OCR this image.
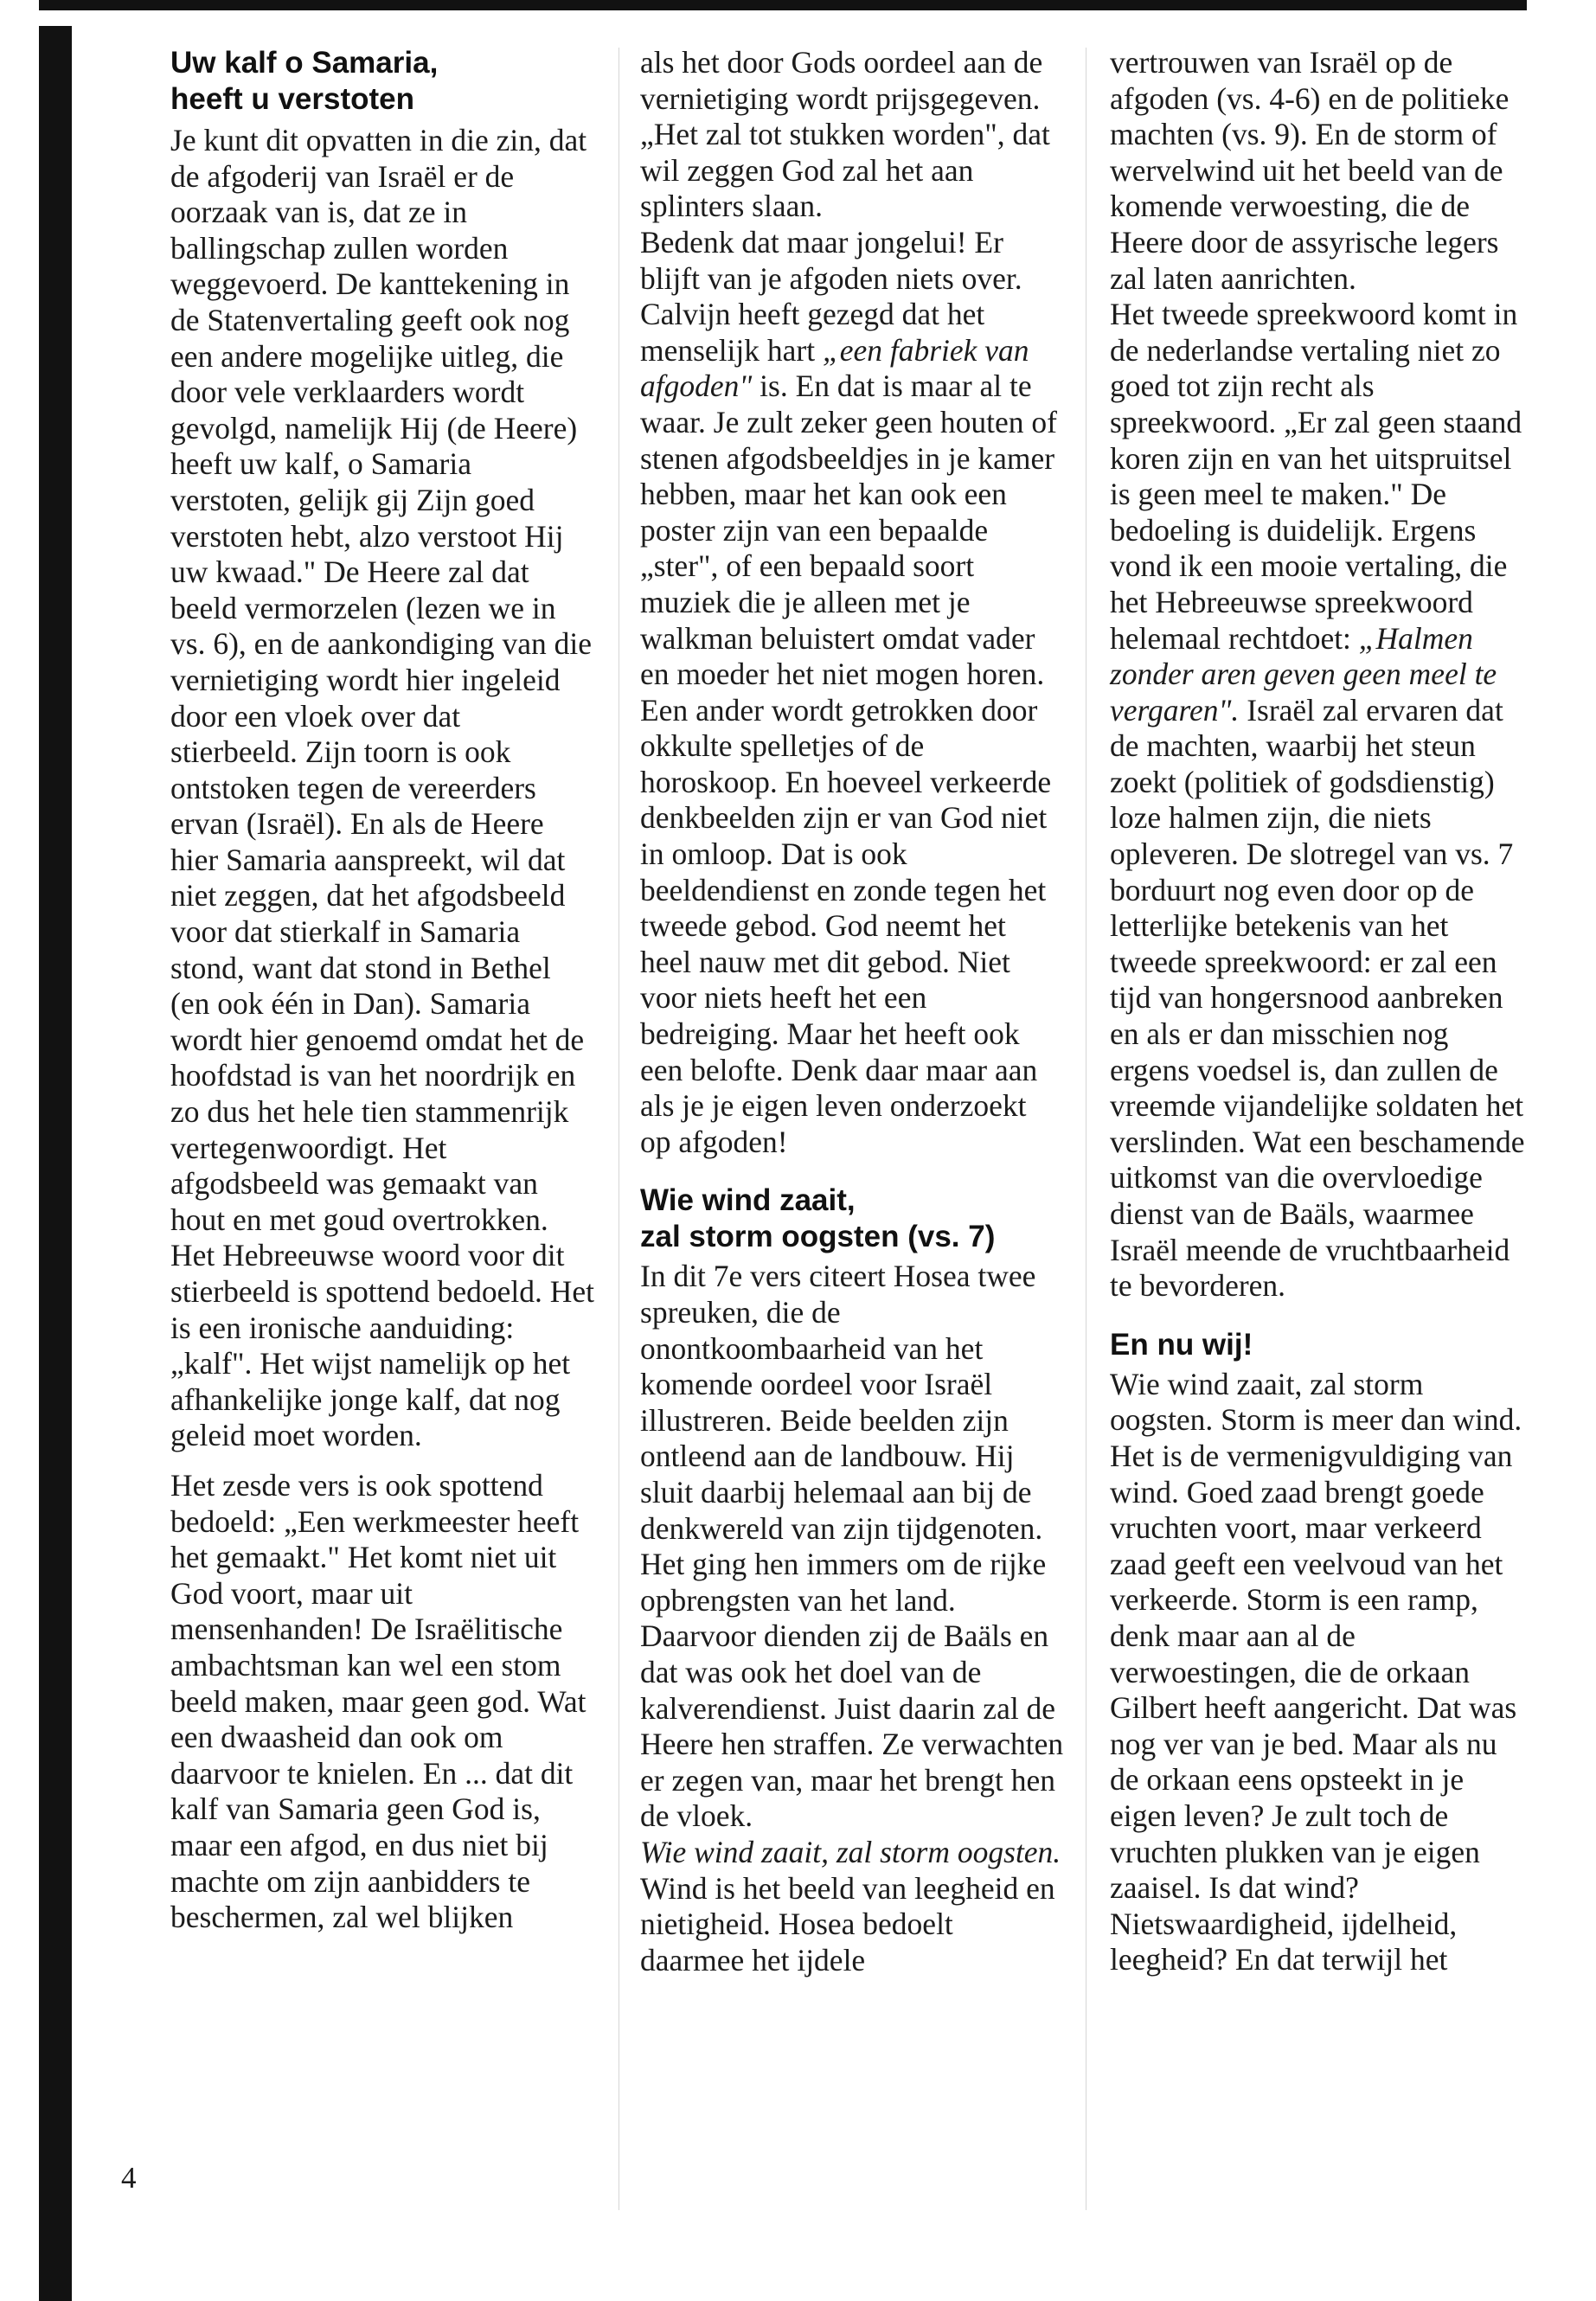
Uw kalf o Samaria,
heeft u verstoten

Je kunt dit opvatten in die zin, dat de afgoderij van Israël er de oorzaak van is, dat ze in ballingschap zullen worden weggevoerd. De kanttekening in de Statenvertaling geeft ook nog een andere mogelijke uitleg, die door vele verklaarders wordt gevolgd, namelijk Hij (de Heere) heeft uw kalf, o Samaria verstoten, gelijk gij Zijn goed verstoten hebt, alzo verstoot Hij uw kwaad." De Heere zal dat beeld vermorzelen (lezen we in vs. 6), en de aankondiging van die vernietiging wordt hier ingeleid door een vloek over dat stierbeeld. Zijn toorn is ook ontstoken tegen de vereerders ervan (Israël). En als de Heere hier Samaria aanspreekt, wil dat niet zeggen, dat het afgodsbeeld voor dat stierkalf in Samaria stond, want dat stond in Bethel (en ook één in Dan). Samaria wordt hier genoemd omdat het de hoofdstad is van het noordrijk en zo dus het hele tien stammenrijk vertegenwoordigt. Het afgodsbeeld was gemaakt van hout en met goud overtrokken. Het Hebreeuwse woord voor dit stierbeeld is spottend bedoeld. Het is een ironische aanduiding: „kalf". Het wijst namelijk op het afhankelijke jonge kalf, dat nog geleid moet worden.

Het zesde vers is ook spottend bedoeld: „Een werkmeester heeft het gemaakt." Het komt niet uit God voort, maar uit mensenhanden! De Israëlitische ambachtsman kan wel een stom beeld maken, maar geen god. Wat een dwaasheid dan ook om daarvoor te knielen. En ... dat dit kalf van Samaria geen God is, maar een afgod, en dus niet bij machte om zijn aanbidders te beschermen, zal wel blijken

als het door Gods oordeel aan de vernietiging wordt prijsgegeven. „Het zal tot stukken worden", dat wil zeggen God zal het aan splinters slaan.

Bedenk dat maar jongelui! Er blijft van je afgoden niets over. Calvijn heeft gezegd dat het menselijk hart „een fabriek van afgoden" is. En dat is maar al te waar. Je zult zeker geen houten of stenen afgodsbeeldjes in je kamer hebben, maar het kan ook een poster zijn van een bepaalde „ster", of een bepaald soort muziek die je alleen met je walkman beluistert omdat vader en moeder het niet mogen horen. Een ander wordt getrokken door okkulte spelletjes of de horoskoop. En hoeveel verkeerde denkbeelden zijn er van God niet in omloop. Dat is ook beeldendienst en zonde tegen het tweede gebod. God neemt het heel nauw met dit gebod. Niet voor niets heeft het een bedreiging. Maar het heeft ook een belofte. Denk daar maar aan als je je eigen leven onderzoekt op afgoden!

Wie wind zaait,
zal storm oogsten (vs. 7)

In dit 7e vers citeert Hosea twee spreuken, die de onontkoombaarheid van het komende oordeel voor Israël illustreren. Beide beelden zijn ontleend aan de landbouw. Hij sluit daarbij helemaal aan bij de denkwereld van zijn tijdgenoten. Het ging hen immers om de rijke opbrengsten van het land. Daarvoor dienden zij de Baäls en dat was ook het doel van de kalverendienst. Juist daarin zal de Heere hen straffen. Ze verwachten er zegen van, maar het brengt hen de vloek.

Wie wind zaait, zal storm oogsten. Wind is het beeld van leegheid en nietigheid. Hosea bedoelt daarmee het ijdele

vertrouwen van Israël op de afgoden (vs. 4-6) en de politieke machten (vs. 9). En de storm of wervelwind uit het beeld van de komende verwoesting, die de Heere door de assyrische legers zal laten aanrichten.

Het tweede spreekwoord komt in de nederlandse vertaling niet zo goed tot zijn recht als spreekwoord. „Er zal geen staand koren zijn en van het uitspruitsel is geen meel te maken." De bedoeling is duidelijk. Ergens vond ik een mooie vertaling, die het Hebreeuwse spreekwoord helemaal rechtdoet: „Halmen zonder aren geven geen meel te vergaren". Israël zal ervaren dat de machten, waarbij het steun zoekt (politiek of godsdienstig) loze halmen zijn, die niets opleveren. De slotregel van vs. 7 borduurt nog even door op de letterlijke betekenis van het tweede spreekwoord: er zal een tijd van hongersnood aanbreken en als er dan misschien nog ergens voedsel is, dan zullen de vreemde vijandelijke soldaten het verslinden. Wat een beschamende uitkomst van die overvloedige dienst van de Baäls, waarmee Israël meende de vruchtbaarheid te bevorderen.

En nu wij!

Wie wind zaait, zal storm oogsten. Storm is meer dan wind. Het is de vermenigvuldiging van wind. Goed zaad brengt goede vruchten voort, maar verkeerd zaad geeft een veelvoud van het verkeerde. Storm is een ramp, denk maar aan al de verwoestingen, die de orkaan Gilbert heeft aangericht. Dat was nog ver van je bed. Maar als nu de orkaan eens opsteekt in je eigen leven? Je zult toch de vruchten plukken van je eigen zaaisel. Is dat wind? Nietswaardigheid, ijdelheid, leegheid? En dat terwijl het

4
